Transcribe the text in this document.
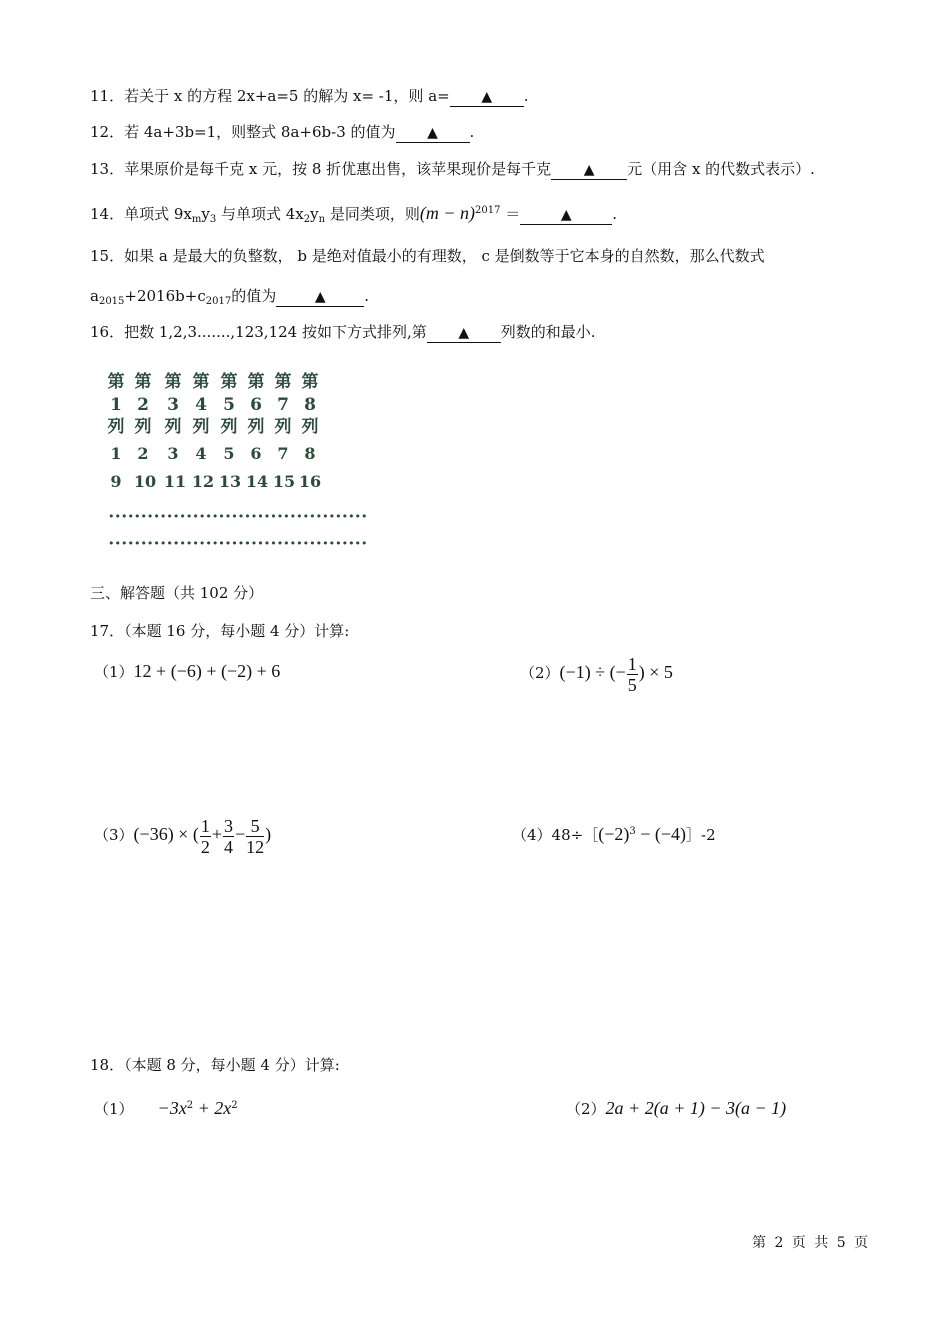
11．若关于 x 的方程 2x+a=5 的解为 x= -1，则 a= ▲ .
12．若 4a+3b=1，则整式 8a+6b-3 的值为 ▲ .
13．苹果原价是每千克 x 元，按 8 折优惠出售，该苹果现价是每千克 ▲ 元（用含 x 的代数式表示）.
14．单项式 $9x_my_3$ 与单项式 $4x_2y_n$ 是同类项，则$(m - n)^{2017}$ ＝	▲	.
15．如果 a 是最大的负整数， b 是绝对值最小的有理数， c 是倒数等于它本身的自然数，那么代数式
$a_{2015}+2016b+c_{2017}$的值为	▲	.
16．把数 1,2,3.......,123,124 按如下方式排列,第 ▲ 列数的和最小.
第 第 第 第 第 第 第 第
1 2	3 4 5 6 7 8
列 列 列 列 列 列 列 列
1 2	3	4	5 6 7 8
9 10 11 12 13 14 15 16
••••••••••••••••••••••••••••••••••••••••
••••••••••••••••••••••••••••••••••••••••
三、解答题（共 102 分）
17．（本题 16 分，每小题 4 分）计算:
（1）12 + (−6) + (−2) + 6	（2）(−1) ÷ (− $\frac{1}{5}$ ) × 5
（3）(−36) × ( $\frac{1}{2} + \frac{3}{4} - \frac{5}{12}$ )	$(4)48\div[(-2)^3$ − (−4)］-2
18．（本题 8 分，每小题 4 分）计算:
$(1) -3x^2 + 2x^2$	（2）2a + 2(a + 1) − 3(a − 1)
第 2 页 共 5 页
